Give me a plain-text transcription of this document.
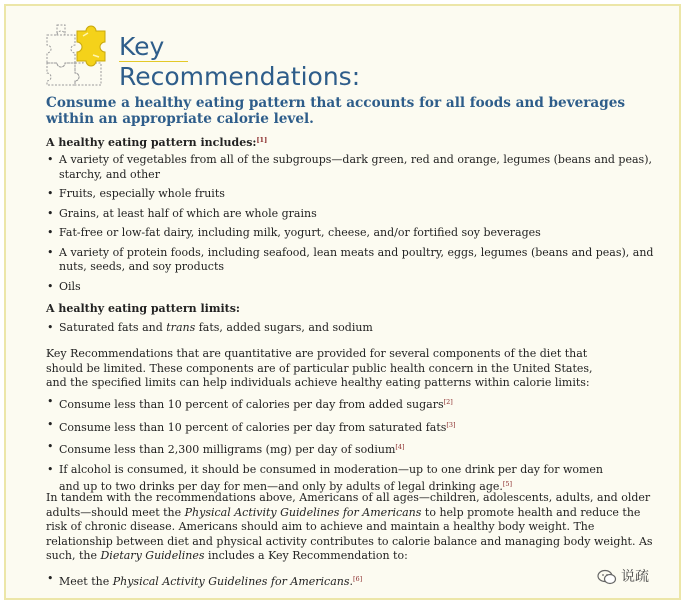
Key
Recommendations:

Consume a healthy eating pattern that accounts for all foods and beverages within an appropriate calorie level.

A healthy eating pattern includes:[1]

• A variety of vegetables from all of the subgroups—dark green, red and orange, legumes (beans and peas), starchy, and other
• Fruits, especially whole fruits
• Grains, at least half of which are whole grains
• Fat-free or low-fat dairy, including milk, yogurt, cheese, and/or fortified soy beverages
• A variety of protein foods, including seafood, lean meats and poultry, eggs, legumes (beans and peas), and nuts, seeds, and soy products
• Oils

A healthy eating pattern limits:

• Saturated fats and trans fats, added sugars, and sodium

Key Recommendations that are quantitative are provided for several components of the diet that should be limited. These components are of particular public health concern in the United States, and the specified limits can help individuals achieve healthy eating patterns within calorie limits:

• Consume less than 10 percent of calories per day from added sugars[2]
• Consume less than 10 percent of calories per day from saturated fats[3]
• Consume less than 2,300 milligrams (mg) per day of sodium[4]
• If alcohol is consumed, it should be consumed in moderation—up to one drink per day for women and up to two drinks per day for men—and only by adults of legal drinking age.[5]

In tandem with the recommendations above, Americans of all ages—children, adolescents, adults, and older adults—should meet the Physical Activity Guidelines for Americans to help promote health and reduce the risk of chronic disease. Americans should aim to achieve and maintain a healthy body weight. The relationship between diet and physical activity contributes to calorie balance and managing body weight. As such, the Dietary Guidelines includes a Key Recommendation to:

• Meet the Physical Activity Guidelines for Americans.[6]	说疏
